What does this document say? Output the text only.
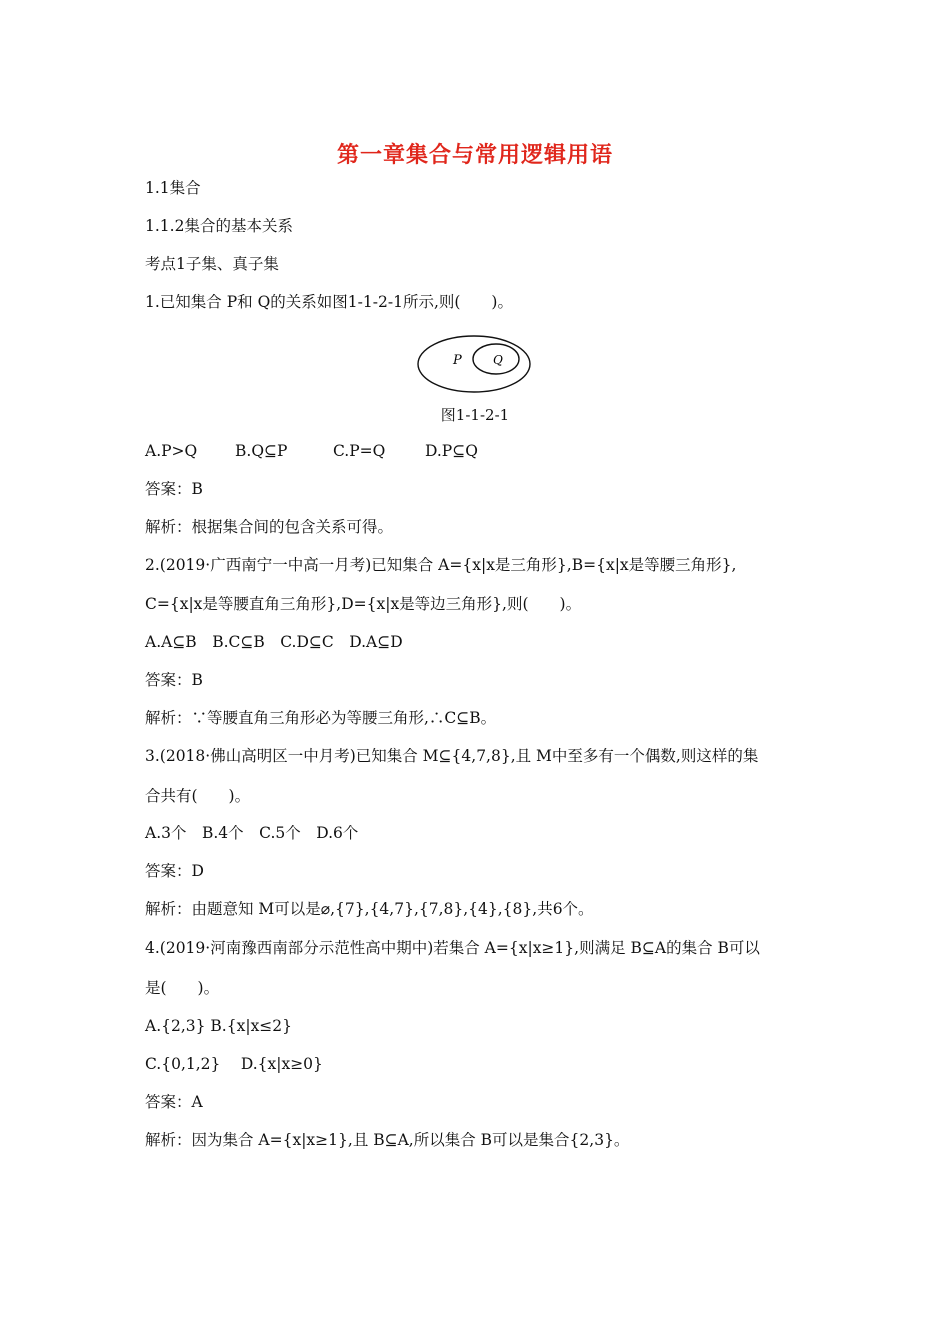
第一章集合与常用逻辑用语
1.1集合
1.1.2集合的基本关系
考点1子集、真子集
1.已知集合 P和 Q的关系如图1-1-2-1所示,则(　　)。
P	Q
图1-1-2-1
A.P>Q B.Q⊆P	C.P=Q	D.P⊆Q
答案：B
解析：根据集合间的包含关系可得。
2.(2019·广西南宁一中高一月考)已知集合 A={x|x是三角形},B={x|x是等腰三角形},
C={x|x是等腰直角三角形},D={x|x是等边三角形},则(　　)。
A.A⊆B　B.C⊆B　C.D⊆C　D.A⊆D
答案：B
解析：∵等腰直角三角形必为等腰三角形,∴C⊆B。
3.(2018·佛山高明区一中月考)已知集合 M⊆{4,7,8},且 M中至多有一个偶数,则这样的集
合共有(　　)。
A.3个　B.4个　C.5个　D.6个
答案：D
解析：由题意知 M可以是⌀,{7},{4,7},{7,8},{4},{8},共6个。
4.(2019·河南豫西南部分示范性高中期中)若集合 A={x|x≥1},则满足 B⊆A的集合 B可以
是(　　)。
A.{2,3} B.{x|x≤2}
C.{0,1,2}　 D.{x|x≥0}
答案：A
解析：因为集合 A={x|x≥1},且 B⊆A,所以集合 B可以是集合{2,3}。
